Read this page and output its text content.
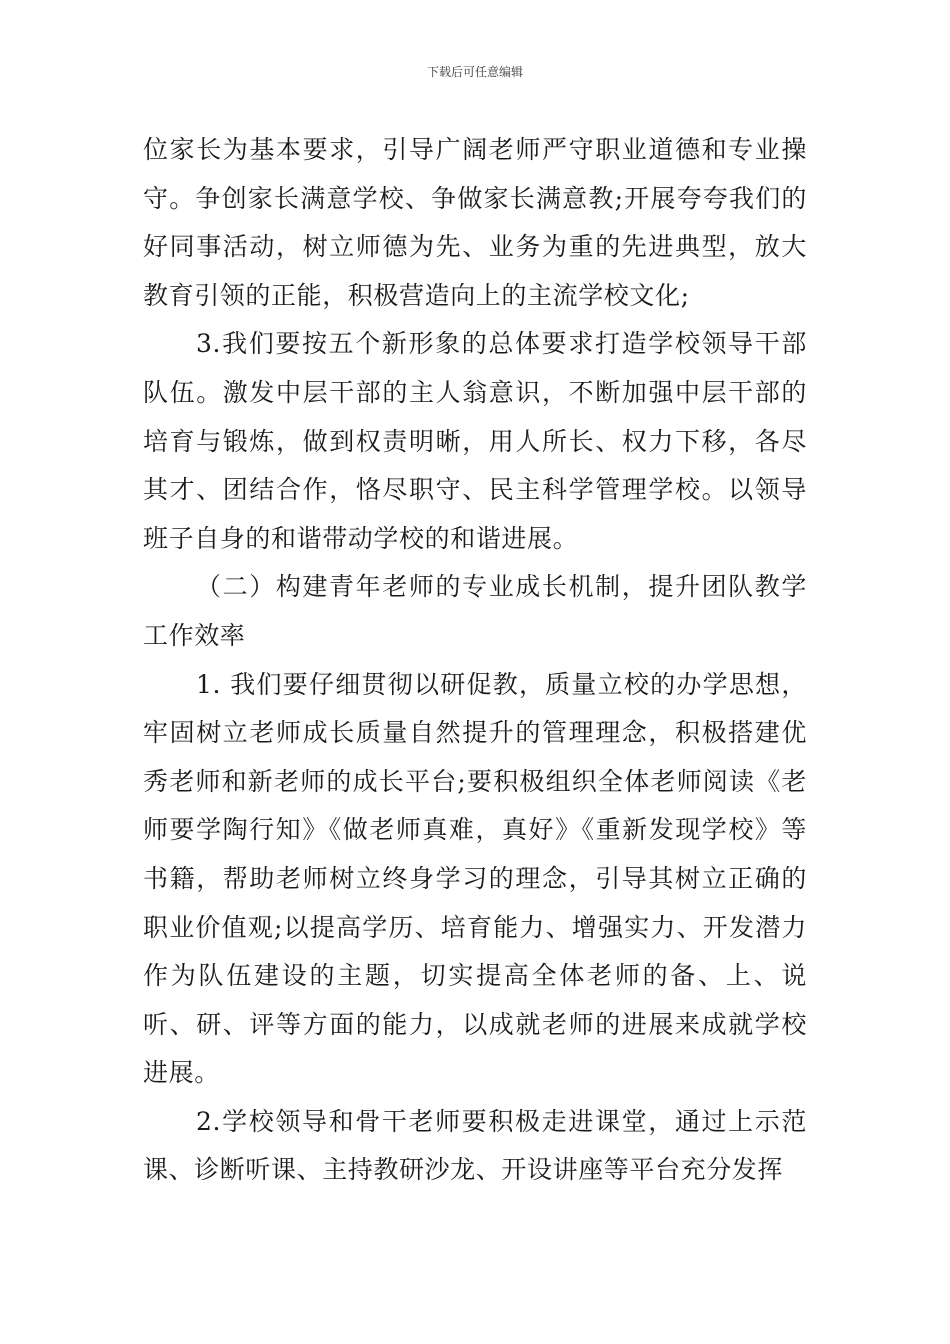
下载后可任意编辑

位家长为基本要求，引导广阔老师严守职业道德和专业操守。争创家长满意学校、争做家长满意教;开展夸夸我们的好同事活动，树立师德为先、业务为重的先进典型，放大教育引领的正能，积极营造向上的主流学校文化;

3.我们要按五个新形象的总体要求打造学校领导干部队伍。激发中层干部的主人翁意识，不断加强中层干部的培育与锻炼，做到权责明晰，用人所长、权力下移，各尽其才、团结合作，恪尽职守、民主科学管理学校。以领导班子自身的和谐带动学校的和谐进展。

（二）构建青年老师的专业成长机制，提升团队教学工作效率

1. 我们要仔细贯彻以研促教，质量立校的办学思想，牢固树立老师成长质量自然提升的管理理念，积极搭建优秀老师和新老师的成长平台;要积极组织全体老师阅读《老师要学陶行知》《做老师真难，真好》《重新发现学校》等书籍，帮助老师树立终身学习的理念，引导其树立正确的职业价值观;以提高学历、培育能力、增强实力、开发潜力作为队伍建设的主题，切实提高全体老师的备、上、说听、研、评等方面的能力，以成就老师的进展来成就学校进展。

2.学校领导和骨干老师要积极走进课堂，通过上示范课、诊断听课、主持教研沙龙、开设讲座等平台充分发挥
